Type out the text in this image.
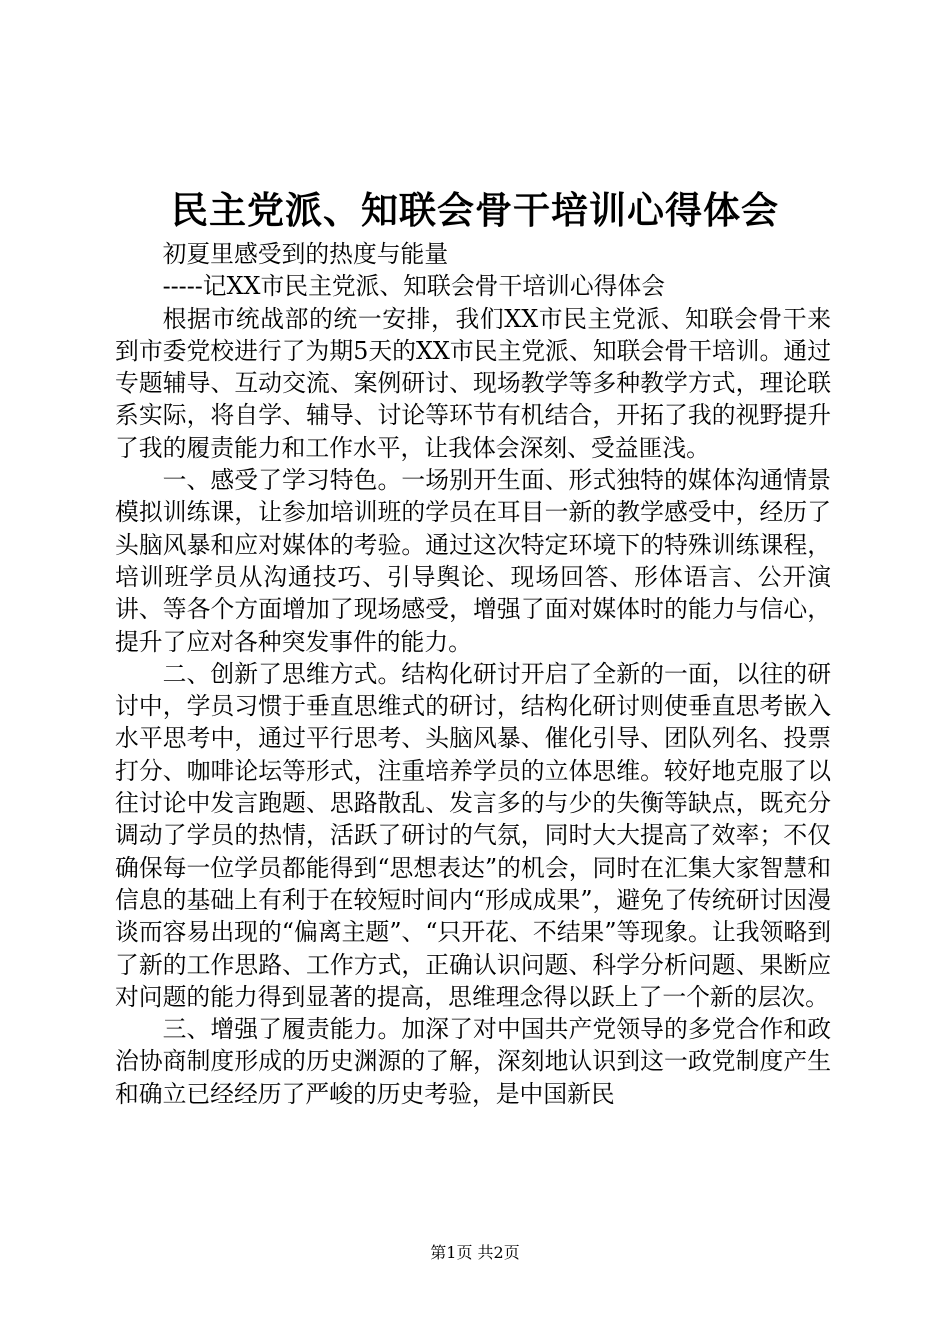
民主党派、知联会骨干培训心得体会

初夏里感受到的热度与能量

-----记XX市民主党派、知联会骨干培训心得体会

根据市统战部的统一安排，我们XX市民主党派、知联会骨干来到市委党校进行了为期5天的XX市民主党派、知联会骨干培训。通过专题辅导、互动交流、案例研讨、现场教学等多种教学方式，理论联系实际，将自学、辅导、讨论等环节有机结合，开拓了我的视野提升了我的履责能力和工作水平，让我体会深刻、受益匪浅。

一、感受了学习特色。一场别开生面、形式独特的媒体沟通情景模拟训练课，让参加培训班的学员在耳目一新的教学感受中，经历了头脑风暴和应对媒体的考验。通过这次特定环境下的特殊训练课程，培训班学员从沟通技巧、引导舆论、现场回答、形体语言、公开演讲、等各个方面增加了现场感受，增强了面对媒体时的能力与信心，提升了应对各种突发事件的能力。

二、创新了思维方式。结构化研讨开启了全新的一面，以往的研讨中，学员习惯于垂直思维式的研讨，结构化研讨则使垂直思考嵌入水平思考中，通过平行思考、头脑风暴、催化引导、团队列名、投票打分、咖啡论坛等形式，注重培养学员的立体思维。较好地克服了以往讨论中发言跑题、思路散乱、发言多的与少的失衡等缺点，既充分调动了学员的热情，活跃了研讨的气氛，同时大大提高了效率；不仅确保每一位学员都能得到“思想表达”的机会，同时在汇集大家智慧和信息的基础上有利于在较短时间内“形成成果”，避免了传统研讨因漫谈而容易出现的“偏离主题”、“只开花、不结果”等现象。让我领略到了新的工作思路、工作方式，正确认识问题、科学分析问题、果断应对问题的能力得到显著的提高，思维理念得以跃上了一个新的层次。

三、增强了履责能力。加深了对中国共产党领导的多党合作和政治协商制度形成的历史渊源的了解，深刻地认识到这一政党制度产生和确立已经经历了严峻的历史考验，是中国新民

第1页 共2页
